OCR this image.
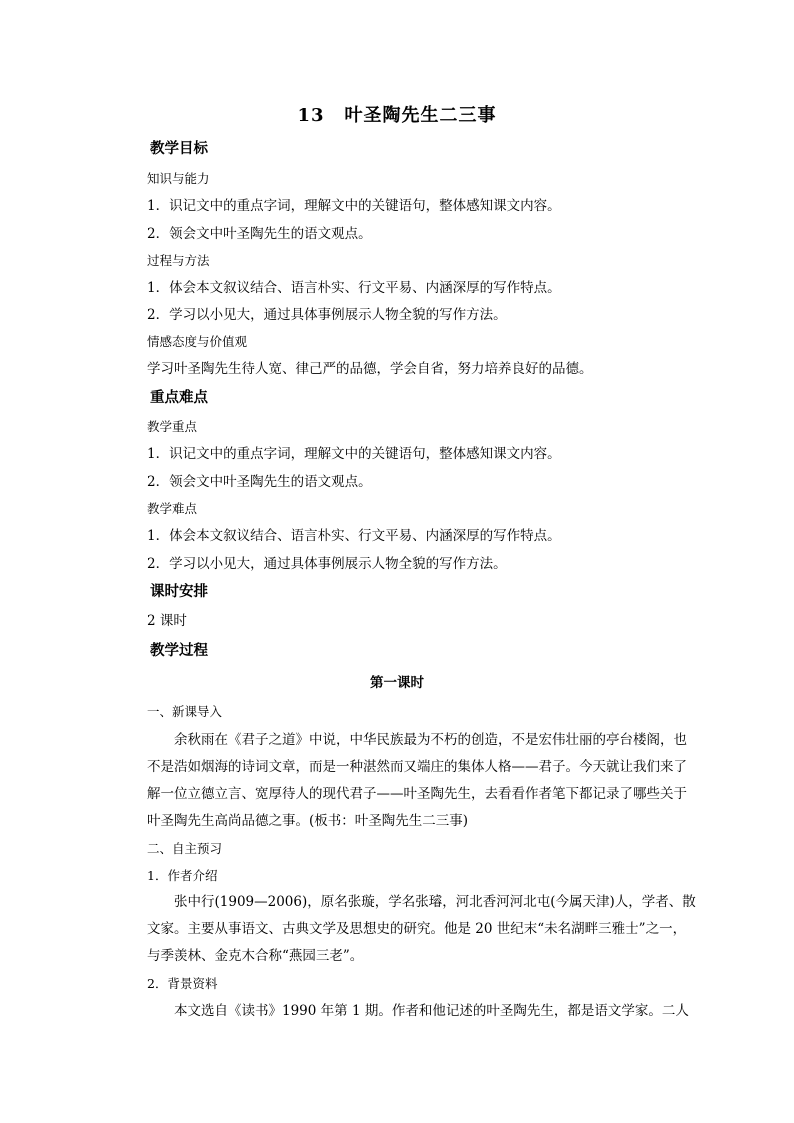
13 叶圣陶先生二三事
教学目标
知识与能力
1．识记文中的重点字词，理解文中的关键语句，整体感知课文内容。
2．领会文中叶圣陶先生的语文观点。
过程与方法
1．体会本文叙议结合、语言朴实、行文平易、内涵深厚的写作特点。
2．学习以小见大，通过具体事例展示人物全貌的写作方法。
情感态度与价值观
学习叶圣陶先生待人宽、律己严的品德，学会自省，努力培养良好的品德。
重点难点
教学重点
1．识记文中的重点字词，理解文中的关键语句，整体感知课文内容。
2．领会文中叶圣陶先生的语文观点。
教学难点
1．体会本文叙议结合、语言朴实、行文平易、内涵深厚的写作特点。
2．学习以小见大，通过具体事例展示人物全貌的写作方法。
课时安排
2 课时
教学过程
第一课时
一、新课导入
余秋雨在《君子之道》中说，中华民族最为不朽的创造，不是宏伟壮丽的亭台楼阁，也
不是浩如烟海的诗词文章，而是一种湛然而又端庄的集体人格——君子。今天就让我们来了
解一位立德立言、宽厚待人的现代君子——叶圣陶先生，去看看作者笔下都记录了哪些关于
叶圣陶先生高尚品德之事。(板书：叶圣陶先生二三事)
二、自主预习
1．作者介绍
张中行(1909—2006)，原名张璇，学名张璿，河北香河河北屯(今属天津)人，学者、散
文家。主要从事语文、古典文学及思想史的研究。他是 20 世纪末“未名湖畔三雅士”之一，
与季羡林、金克木合称“燕园三老”。
2．背景资料
本文选自《读书》1990 年第 1 期。作者和他记述的叶圣陶先生，都是语文学家。二人
